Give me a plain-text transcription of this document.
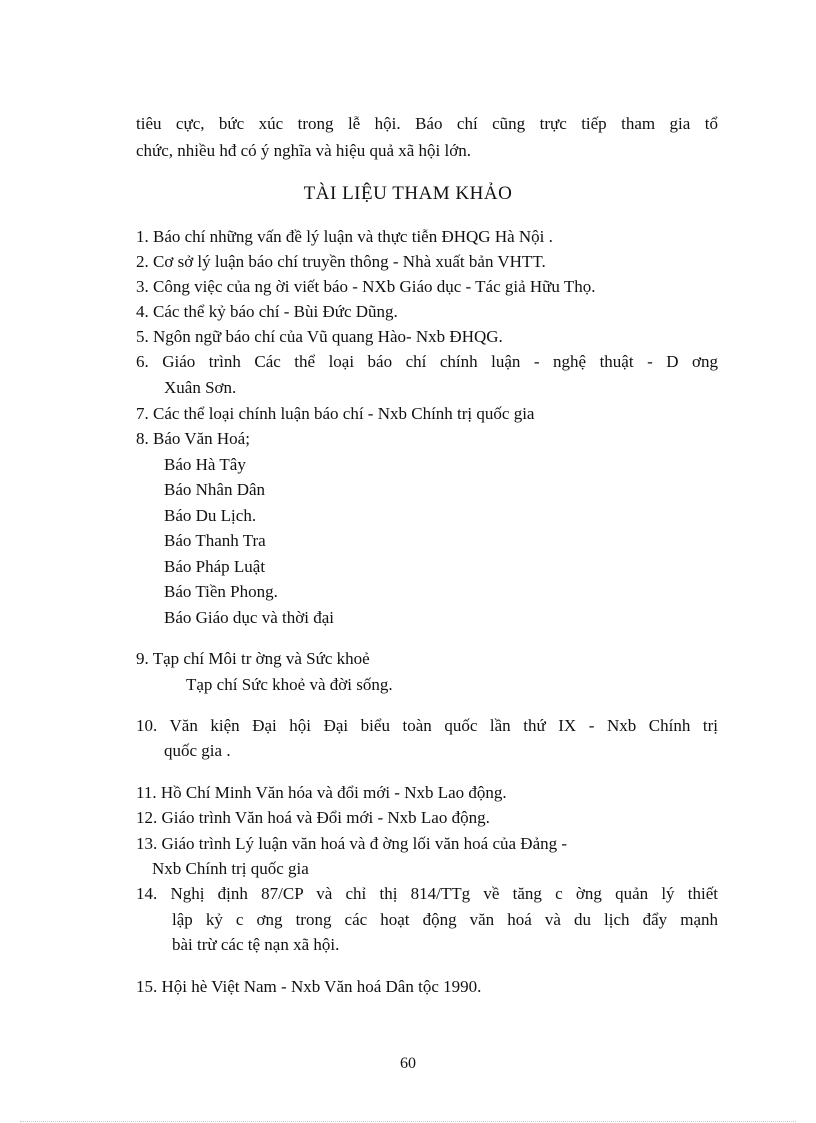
tiêu cực, bức xúc trong lễ hội. Báo chí cũng trực tiếp tham gia tổ
chức, nhiều hđ có ý nghĩa và hiệu quả xã hội lớn.
TÀI LIỆU THAM KHẢO
1. Báo chí những vấn đề lý luận và thực tiễn ĐHQG Hà Nội .
2. Cơ sở lý luận báo chí truyền thông - Nhà xuất bản VHTT.
3. Công việc của ng ời viết báo - NXb Giáo dục - Tác giả Hữu Thọ.
4. Các thể kỷ báo chí - Bùi Đức Dũng.
5. Ngôn ngữ báo chí của Vũ quang Hào- Nxb ĐHQG.
6. Giáo trình Các thể loại báo chí chính luận - nghệ thuật - D ơng
Xuân Sơn.
7. Các thể loại chính luận báo chí - Nxb Chính trị quốc gia
8. Báo Văn Hoá;
Báo Hà Tây
Báo Nhân Dân
Báo Du Lịch.
Báo Thanh Tra
Báo Pháp Luật
Báo Tiền Phong.
Báo Giáo dục và thời đại
9. Tạp chí Môi tr ờng và Sức khoẻ
Tạp chí Sức khoẻ và đời sống.
10. Văn kiện Đại hội Đại biểu toàn quốc lần thứ IX - Nxb Chính trị
quốc gia .
11. Hồ Chí Minh Văn hóa và đổi mới - Nxb Lao động.
12. Giáo trình Văn hoá và Đổi mới - Nxb Lao động.
13. Giáo trình Lý luận văn hoá và đ ờng lối văn hoá của Đảng -
Nxb Chính trị quốc gia
14. Nghị định 87/CP và chỉ thị 814/TTg về tăng c ờng quản lý thiết
lập kỷ c ơng trong các hoạt động văn hoá và du lịch đẩy mạnh
bài trừ các tệ nạn xã hội.
15. Hội hè Việt Nam - Nxb Văn hoá Dân tộc 1990.
60
